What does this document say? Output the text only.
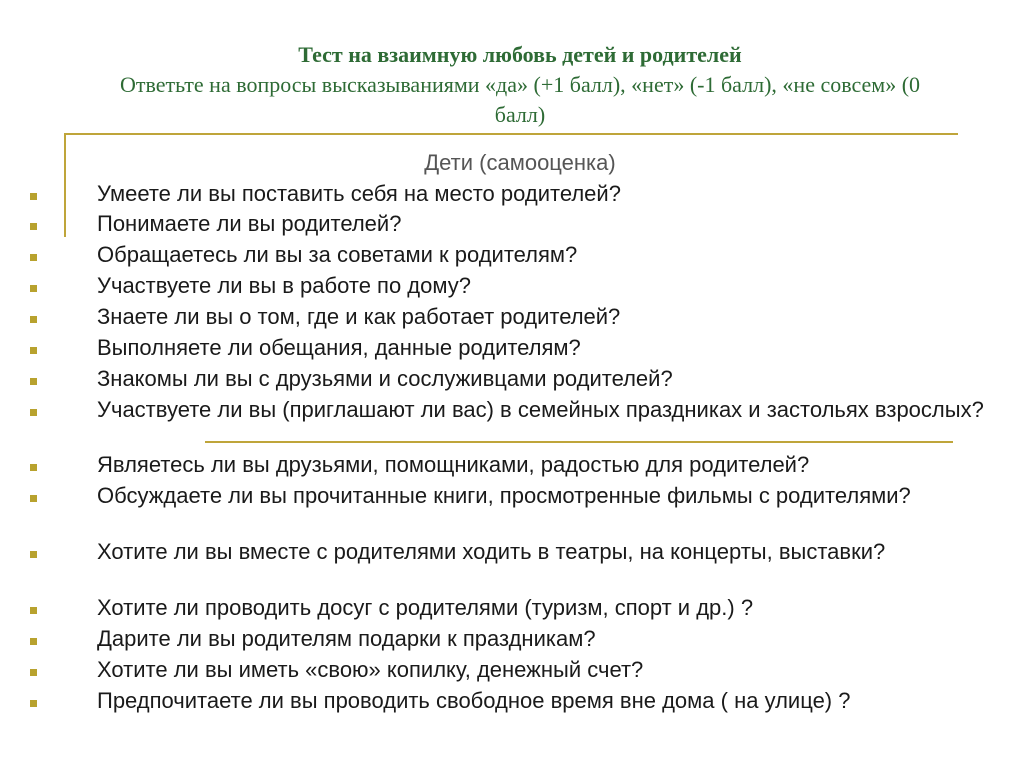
Тест на взаимную любовь детей и родителей
Ответьте на вопросы высказываниями «да» (+1 балл), «нет» (-1 балл), «не совсем» (0 балл)
Дети (самооценка)
Умеете ли вы поставить себя на место родителей?
Понимаете ли вы родителей?
Обращаетесь ли вы за советами к родителям?
Участвуете ли вы в работе по дому?
Знаете ли вы о том, где и как работает родителей?
Выполняете ли обещания, данные родителям?
Знакомы ли вы с друзьями и сослуживцами родителей?
Участвуете ли вы (приглашают ли вас) в семейных праздниках и застольях взрослых?
Являетесь ли вы друзьями, помощниками, радостью для родителей?
Обсуждаете ли вы прочитанные книги, просмотренные фильмы с родителями?
Хотите ли вы вместе с родителями ходить в театры, на концерты, выставки?
Хотите ли проводить досуг с родителями (туризм, спорт и др.) ?
Дарите ли вы родителям подарки к праздникам?
Хотите ли вы иметь «свою» копилку, денежный счет?
Предпочитаете ли вы проводить свободное время вне дома ( на улице) ?
